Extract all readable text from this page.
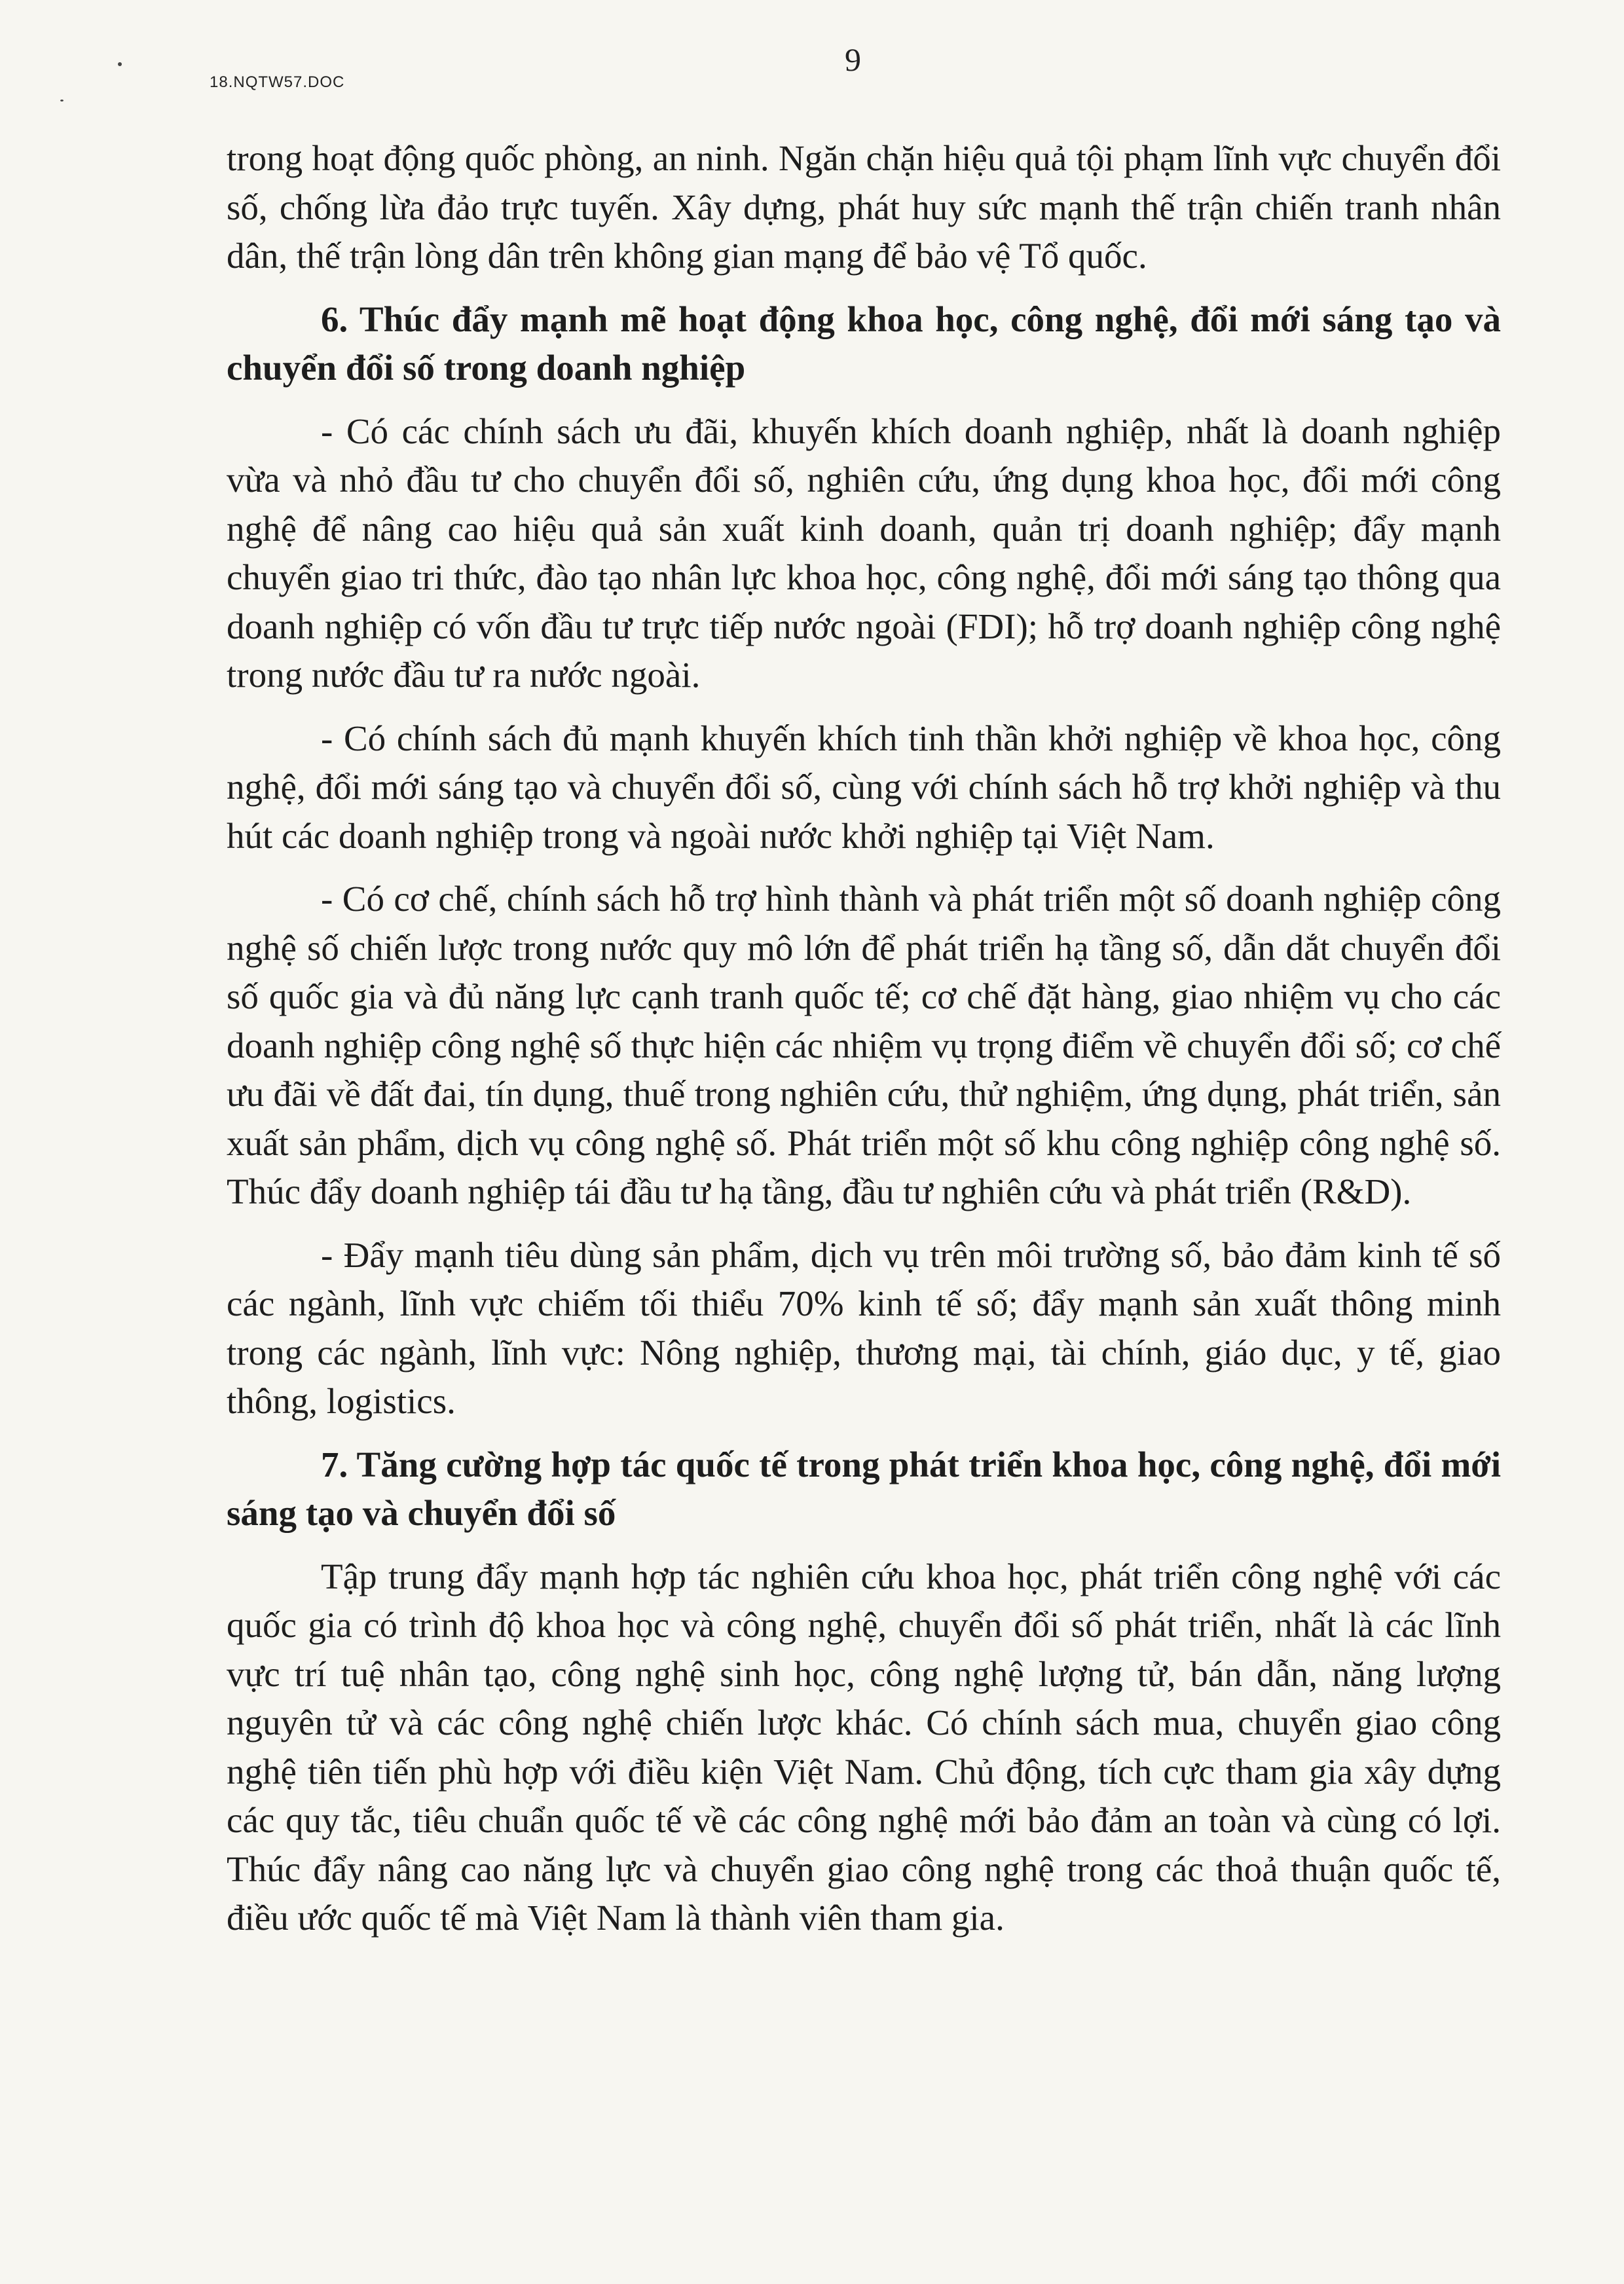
18.NQTW57.DOC
9

trong hoạt động quốc phòng, an ninh. Ngăn chặn hiệu quả tội phạm lĩnh vực chuyển đổi số, chống lừa đảo trực tuyến. Xây dựng, phát huy sức mạnh thế trận chiến tranh nhân dân, thế trận lòng dân trên không gian mạng để bảo vệ Tổ quốc.

6. Thúc đẩy mạnh mẽ hoạt động khoa học, công nghệ, đổi mới sáng tạo và chuyển đổi số trong doanh nghiệp

- Có các chính sách ưu đãi, khuyến khích doanh nghiệp, nhất là doanh nghiệp vừa và nhỏ đầu tư cho chuyển đổi số, nghiên cứu, ứng dụng khoa học, đổi mới công nghệ để nâng cao hiệu quả sản xuất kinh doanh, quản trị doanh nghiệp; đẩy mạnh chuyển giao tri thức, đào tạo nhân lực khoa học, công nghệ, đổi mới sáng tạo thông qua doanh nghiệp có vốn đầu tư trực tiếp nước ngoài (FDI); hỗ trợ doanh nghiệp công nghệ trong nước đầu tư ra nước ngoài.

- Có chính sách đủ mạnh khuyến khích tinh thần khởi nghiệp về khoa học, công nghệ, đổi mới sáng tạo và chuyển đổi số, cùng với chính sách hỗ trợ khởi nghiệp và thu hút các doanh nghiệp trong và ngoài nước khởi nghiệp tại Việt Nam.

- Có cơ chế, chính sách hỗ trợ hình thành và phát triển một số doanh nghiệp công nghệ số chiến lược trong nước quy mô lớn để phát triển hạ tầng số, dẫn dắt chuyển đổi số quốc gia và đủ năng lực cạnh tranh quốc tế; cơ chế đặt hàng, giao nhiệm vụ cho các doanh nghiệp công nghệ số thực hiện các nhiệm vụ trọng điểm về chuyển đổi số; cơ chế ưu đãi về đất đai, tín dụng, thuế trong nghiên cứu, thử nghiệm, ứng dụng, phát triển, sản xuất sản phẩm, dịch vụ công nghệ số. Phát triển một số khu công nghiệp công nghệ số. Thúc đẩy doanh nghiệp tái đầu tư hạ tầng, đầu tư nghiên cứu và phát triển (R&D).

- Đẩy mạnh tiêu dùng sản phẩm, dịch vụ trên môi trường số, bảo đảm kinh tế số các ngành, lĩnh vực chiếm tối thiểu 70% kinh tế số; đẩy mạnh sản xuất thông minh trong các ngành, lĩnh vực: Nông nghiệp, thương mại, tài chính, giáo dục, y tế, giao thông, logistics.

7. Tăng cường hợp tác quốc tế trong phát triển khoa học, công nghệ, đổi mới sáng tạo và chuyển đổi số

Tập trung đẩy mạnh hợp tác nghiên cứu khoa học, phát triển công nghệ với các quốc gia có trình độ khoa học và công nghệ, chuyển đổi số phát triển, nhất là các lĩnh vực trí tuệ nhân tạo, công nghệ sinh học, công nghệ lượng tử, bán dẫn, năng lượng nguyên tử và các công nghệ chiến lược khác. Có chính sách mua, chuyển giao công nghệ tiên tiến phù hợp với điều kiện Việt Nam. Chủ động, tích cực tham gia xây dựng các quy tắc, tiêu chuẩn quốc tế về các công nghệ mới bảo đảm an toàn và cùng có lợi. Thúc đẩy nâng cao năng lực và chuyển giao công nghệ trong các thoả thuận quốc tế, điều ước quốc tế mà Việt Nam là thành viên tham gia.
